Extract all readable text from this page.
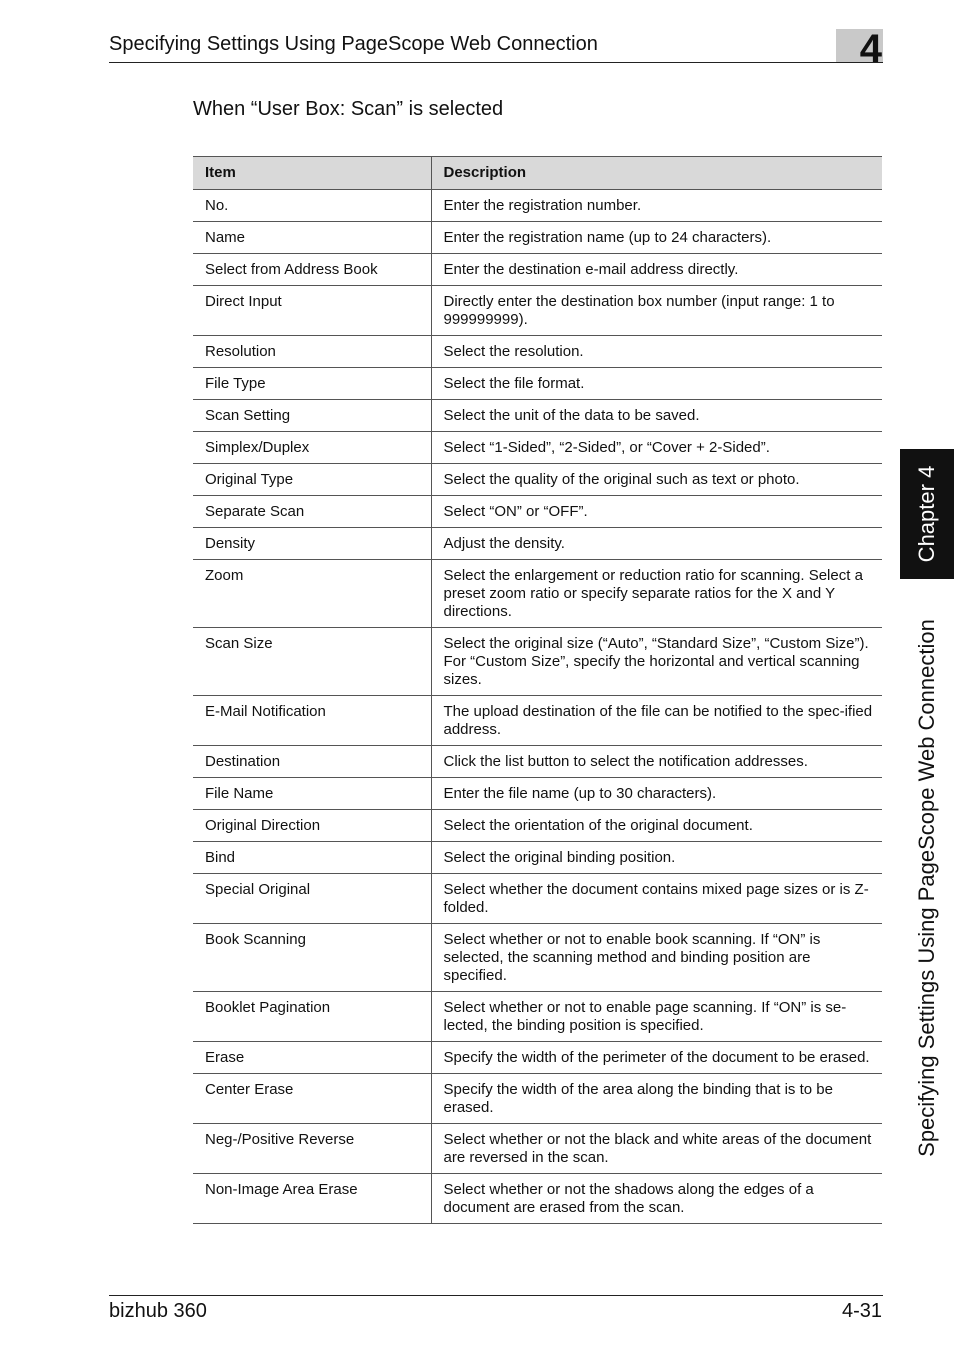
Specifying Settings Using PageScope Web Connection	4
When “User Box: Scan” is selected
Item	Description
No.	Enter the registration number.
Name	Enter the registration name (up to 24 characters).
Select from Address Book	Enter the destination e-mail address directly.
Direct Input	Directly enter the destination box number (input range: 1 to 999999999).
Resolution	Select the resolution.
File Type	Select the file format.
Scan Setting	Select the unit of the data to be saved.
Simplex/Duplex	Select “1-Sided”, “2-Sided”, or “Cover + 2-Sided”.
Original Type	Select the quality of the original such as text or photo.
Separate Scan	Select “ON” or “OFF”.
Density	Adjust the density.
Zoom	Select the enlargement or reduction ratio for scanning. Select a preset zoom ratio or specify separate ratios for the X and Y directions.
Scan Size	Select the original size (“Auto”, “Standard Size”, “Custom Size”).
For “Custom Size”, specify the horizontal and vertical scanning sizes.
E-Mail Notification	The upload destination of the file can be notified to the spec-ified address.
Destination	Click the list button to select the notification addresses.
File Name	Enter the file name (up to 30 characters).
Original Direction	Select the orientation of the original document.
Bind	Select the original binding position.
Special Original	Select whether the document contains mixed page sizes or is Z-folded.
Book Scanning	Select whether or not to enable book scanning. If “ON” is selected, the scanning method and binding position are specified.
Booklet Pagination	Select whether or not to enable page scanning. If “ON” is se-lected, the binding position is specified.
Erase	Specify the width of the perimeter of the document to be erased.
Center Erase	Specify the width of the area along the binding that is to be erased.
Neg-/Positive Reverse	Select whether or not the black and white areas of the document are reversed in the scan.
Non-Image Area Erase	Select whether or not the shadows along the edges of a document are erased from the scan.
Chapter 4
Specifying Settings Using PageScope Web Connection
bizhub 360	4-31
